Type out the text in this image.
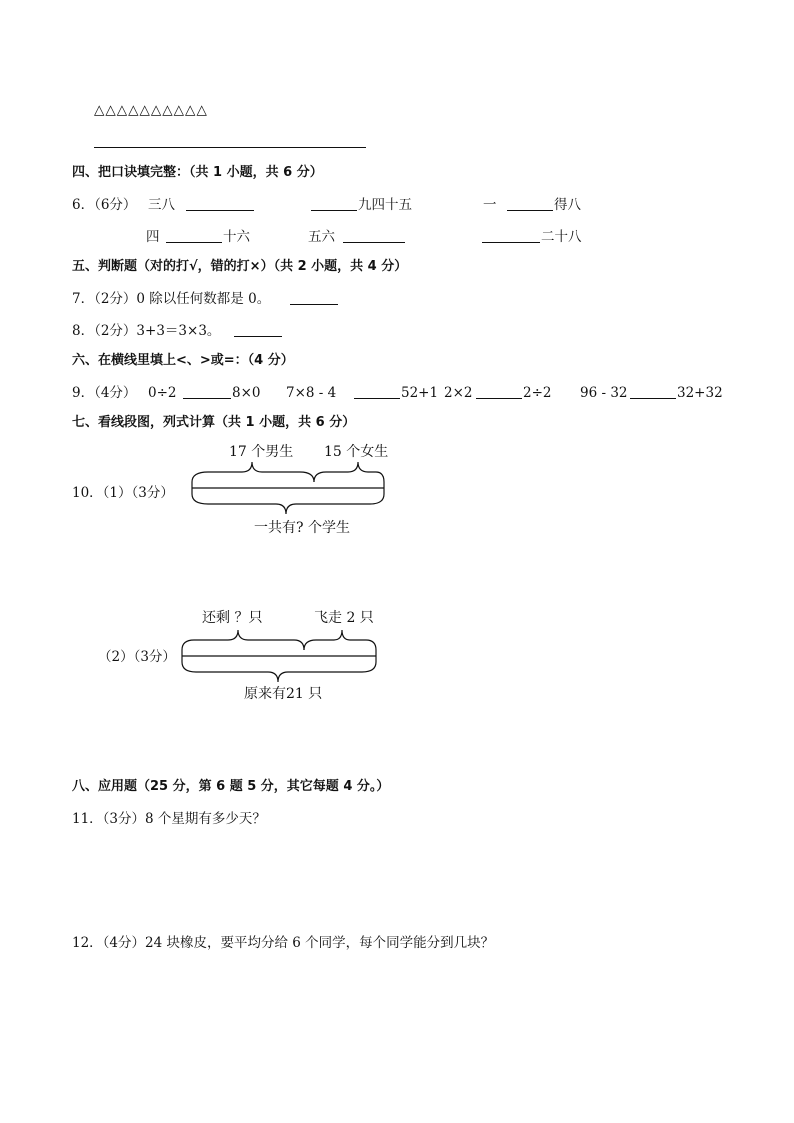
△△△△△△△△△△
四、把口诀填完整：（共 1 小题，共 6 分）
6．（6分） 三八	九四十五	一	得八
四	十六	五六	二十八
五、判断题（对的打√，错的打×）（共 2 小题，共 4 分）
7．（2分）0 除以任何数都是 0。
8．（2分）3+3＝3×3。
六、在横线里填上<、>或=：（4 分）
9．（4分） 0÷2	8×0 7×8 - 4	52+1 2×2	2÷2 96 - 32	32+32
七、看线段图，列式计算（共 1 小题，共 6 分）
10．（1）（3分）
17 个男生 15 个女生
一共有? 个学生
（2）（3分）
还剩 ？只	飞走 2 只
原来有21 只
八、应用题（25 分，第 6 题 5 分，其它每题 4 分。）
11．（3分）8 个星期有多少天？
12．（4分）24 块橡皮，要平均分给 6 个同学，每个同学能分到几块？
